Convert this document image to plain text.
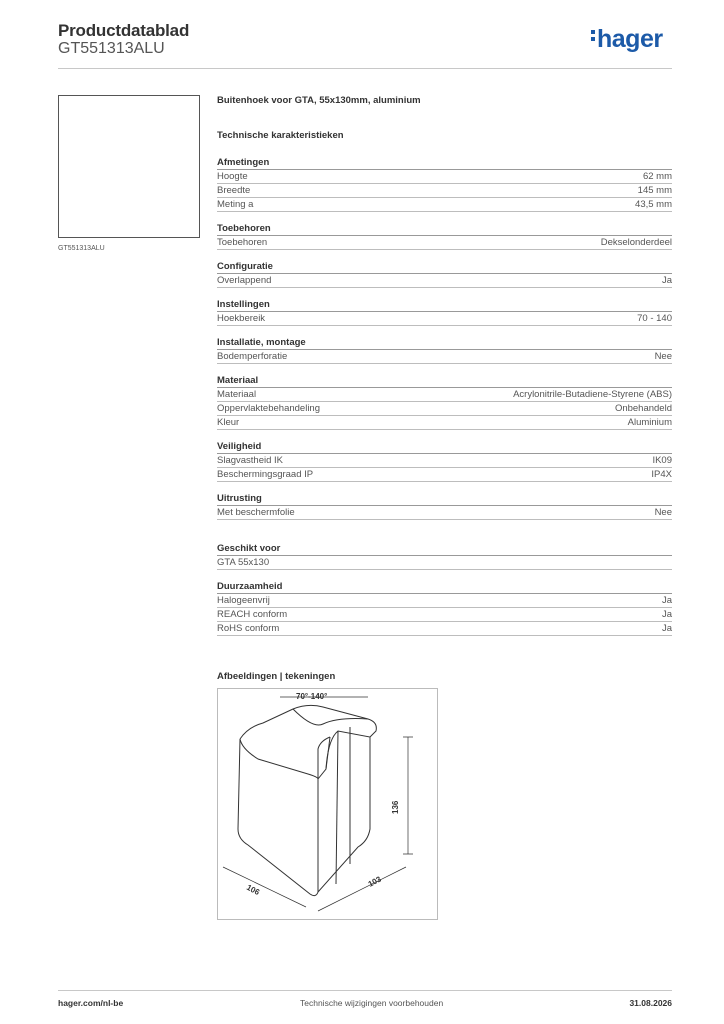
Productdatablad
GT551313ALU	hager
GT551313ALU
Buitenhoek voor GTA, 55x130mm, aluminium
Technische karakteristieken
Afmetingen
Hoogte	62 mm
Breedte	145 mm
Meting a	43,5 mm
Toebehoren
Toebehoren	Dekselonderdeel
Configuratie
Overlappend	Ja
Instellingen
Hoekbereik	70 - 140
Installatie, montage
Bodemperforatie	Nee
Materiaal
Materiaal	Acrylonitrile-Butadiene-Styrene (ABS)
Oppervlaktebehandeling	Onbehandeld
Kleur	Aluminium
Veiligheid
Slagvastheid IK	IK09
Beschermingsgraad IP	IP4X
Uitrusting
Met beschermfolie	Nee
Geschikt voor
GTA 55x130
Duurzaamheid
Halogeenvrij	Ja
REACH conform	Ja
RoHS conform	Ja
Afbeeldingen | tekeningen
70°-140°
136
106
103
hager.com/nl-be	Technische wijzigingen voorbehouden	31.08.2026
